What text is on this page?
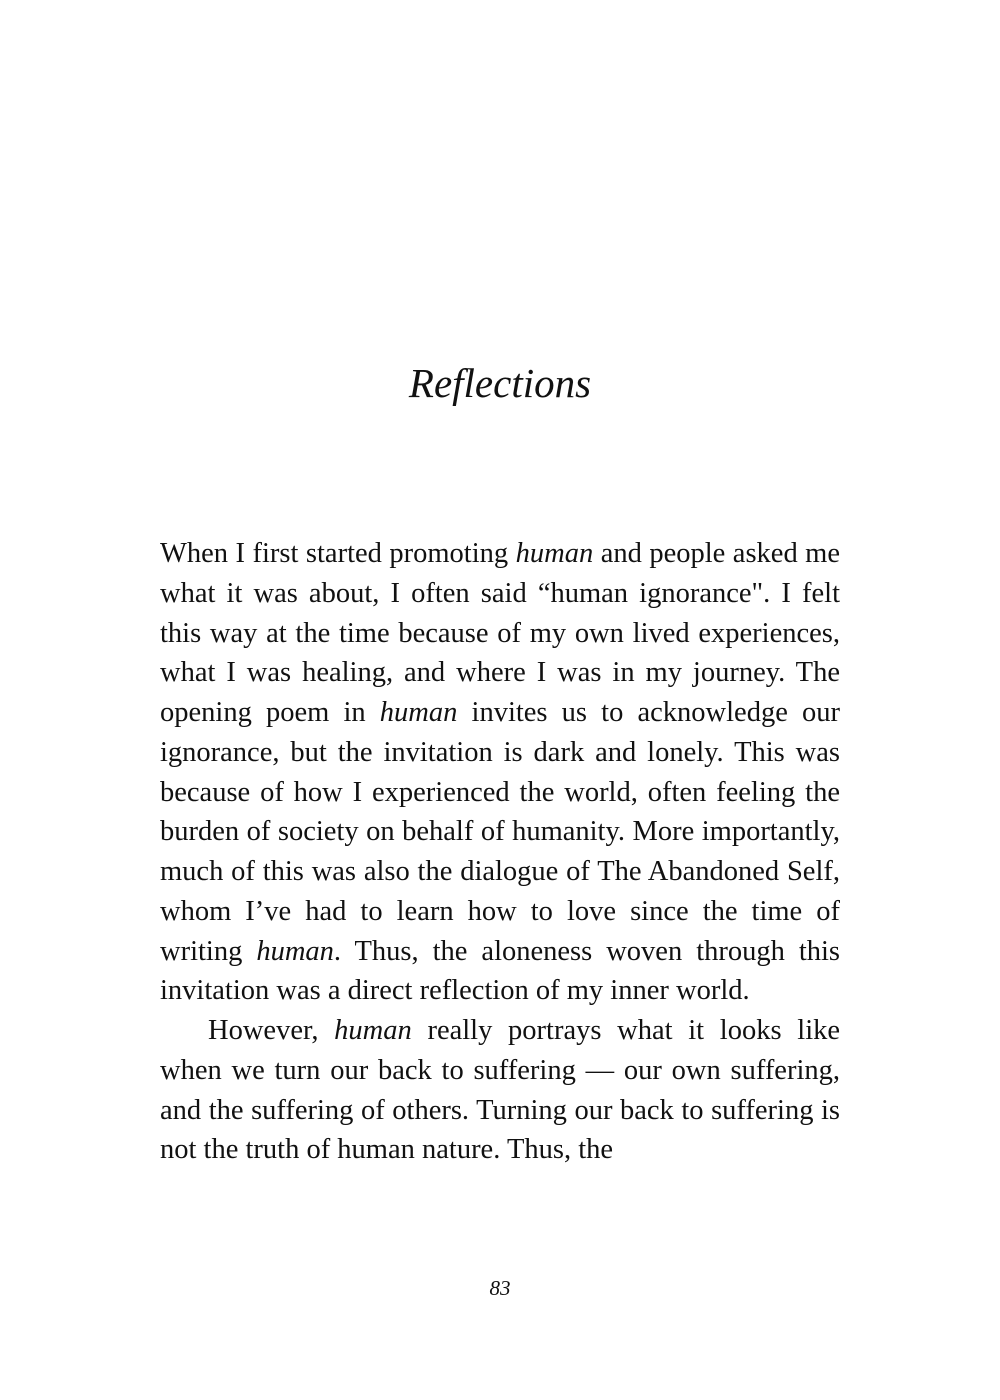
Reflections

When I first started promoting human and people asked me what it was about, I often said “human ignorance". I felt this way at the time because of my own lived experiences, what I was healing, and where I was in my journey. The opening poem in human invites us to acknowledge our ignorance, but the invitation is dark and lonely. This was because of how I experienced the world, often feeling the burden of society on behalf of humanity. More importantly, much of this was also the dialogue of The Abandoned Self, whom I’ve had to learn how to love since the time of writing human. Thus, the aloneness woven through this invitation was a direct reflection of my inner world.

However, human really portrays what it looks like when we turn our back to suffering — our own suffering, and the suffering of others. Turning our back to suffering is not the truth of human nature. Thus, the

83
